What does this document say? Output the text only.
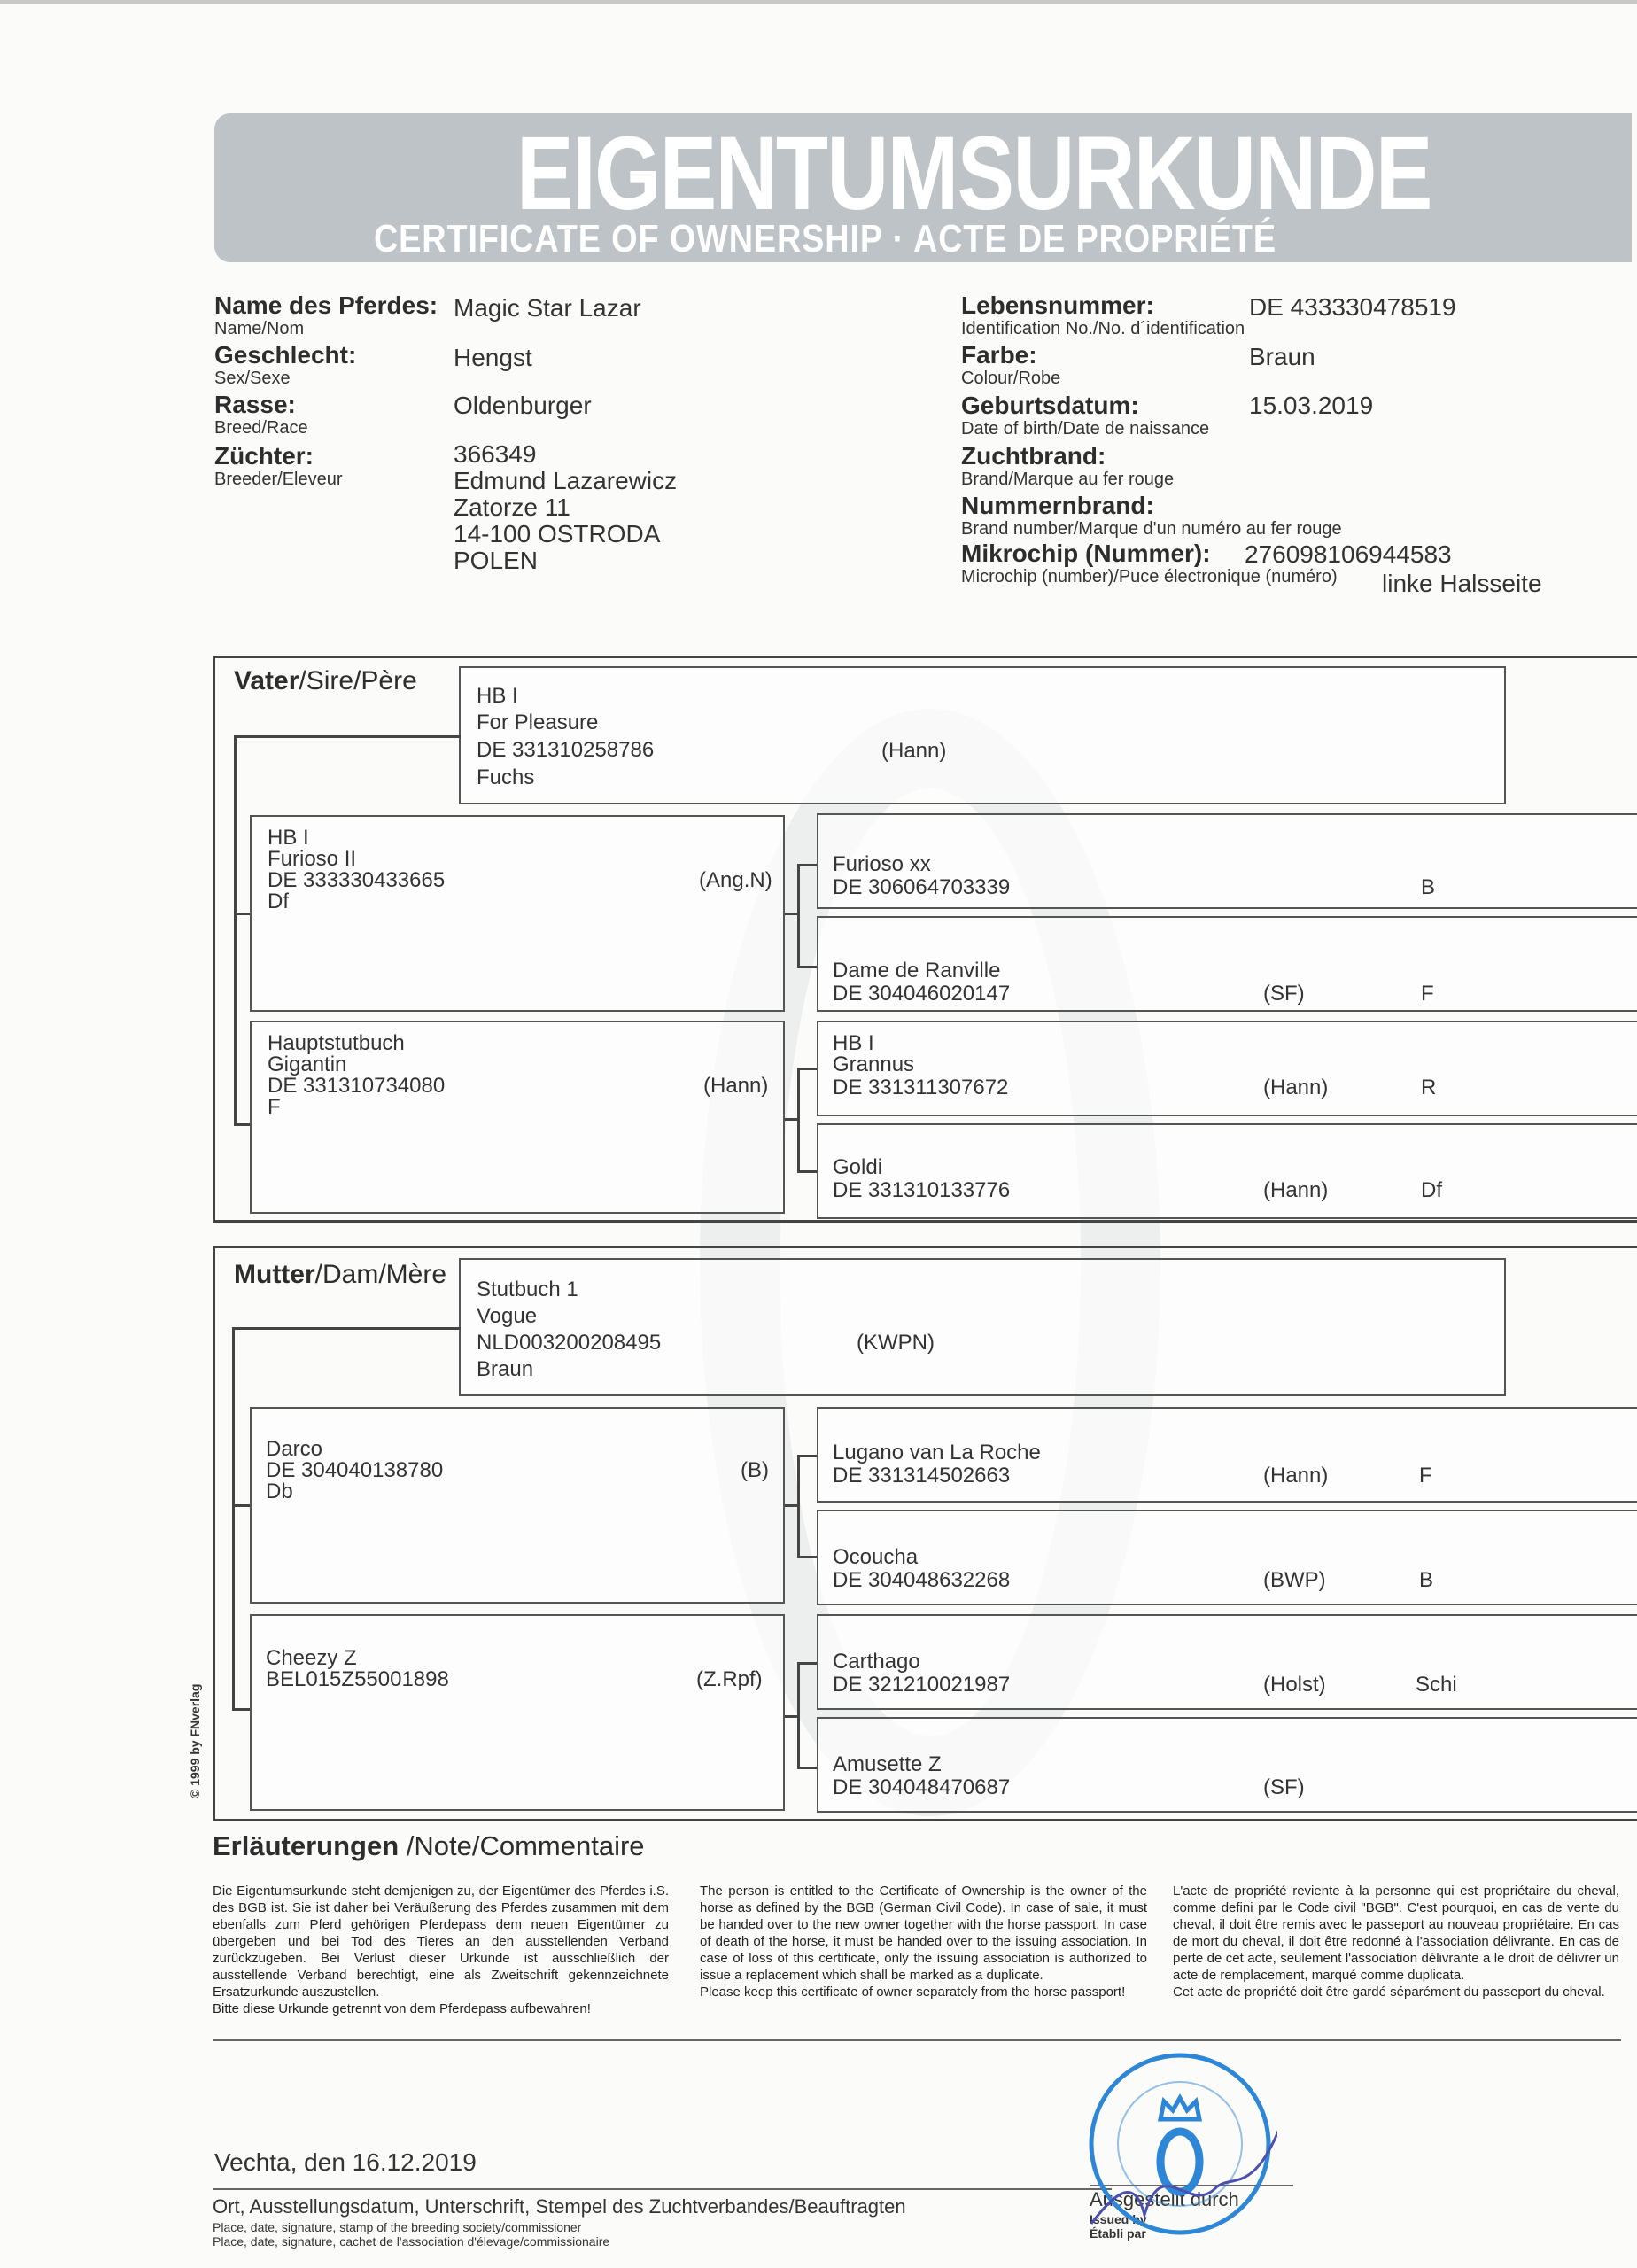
EIGENTUMSURKUNDE
CERTIFICATE OF OWNERSHIP · ACTE DE PROPRIÉTÉ
Name des Pferdes:
Name/Nom
Magic Star Lazar
Geschlecht:
Sex/Sexe
Hengst
Rasse:
Breed/Race
Oldenburger
Züchter:
Breeder/Eleveur
366349
Edmund Lazarewicz
Zatorze 11
14-100 OSTRODA
POLEN
Lebensnummer:
Identification No./No. d´identification
DE 433330478519
Farbe:
Colour/Robe
Braun
Geburtsdatum:
Date of birth/Date de naissance
15.03.2019
Zuchtbrand:
Brand/Marque au fer rouge
Nummernbrand:
Brand number/Marque d'un numéro au fer rouge
Mikrochip (Nummer):
Microchip (number)/Puce électronique (numéro)
276098106944583
linke Halsseite
Vater/Sire/Père
HB I
For Pleasure
DE 331310258786
Fuchs
(Hann)
HB I
Furioso II
DE 333330433665
Df
(Ang.N)
Hauptstutbuch
Gigantin
DE 331310734080
F
(Hann)
Furioso xx
DE 306064703339	B
Dame de Ranville
DE 304046020147	(SF)	F
HB I
Grannus
DE 331311307672	(Hann)	R
Goldi
DE 331310133776	(Hann)	Df
Mutter/Dam/Mère
Stutbuch 1
Vogue
NLD003200208495
Braun
(KWPN)
Darco
DE 304040138780
Db
(B)
Cheezy Z
BEL015Z55001898	(Z.Rpf)
Lugano van La Roche
DE 331314502663	(Hann)	F
Ocoucha
DE 304048632268	(BWP)	B
Carthago
DE 321210021987	(Holst)	Schi
Amusette Z
DE 304048470687	(SF)
© 1999 by FNverlag
Erläuterungen /Note/Commentaire
Die Eigentumsurkunde steht demjenigen zu, der Eigentümer des Pferdes i.S. des BGB ist. Sie ist daher bei Veräußerung des Pferdes zusammen mit dem ebenfalls zum Pferd gehörigen Pferdepass dem neuen Eigentümer zu übergeben und bei Tod des Tieres an den ausstellenden Verband zurückzugeben. Bei Verlust dieser Urkunde ist ausschließlich der ausstellende Verband berechtigt, eine als Zweitschrift gekennzeichnete Ersatzurkunde auszustellen.
Bitte diese Urkunde getrennt von dem Pferdepass aufbewahren!
The person is entitled to the Certificate of Ownership is the owner of the horse as defined by the BGB (German Civil Code). In case of sale, it must be handed over to the new owner together with the horse passport. In case of death of the horse, it must be handed over to the issuing association. In case of loss of this certificate, only the issuing association is authorized to issue a replacement which shall be marked as a duplicate.
Please keep this certificate of owner separately from the horse passport!
L'acte de propriété reviente à la personne qui est propriétaire du cheval, comme defini par le Code civil "BGB". C'est pourquoi, en cas de vente du cheval, il doit être remis avec le passeport au nouveau propriétaire. En cas de mort du cheval, il doit être redonné à l'association délivrante. En cas de perte de cet acte, seulement l'association délivrante a le droit de délivrer un acte de remplacement, marqué comme duplicata.
Cet acte de propriété doit être gardé séparément du passeport du cheval.
Vechta, den 16.12.2019
Ort, Ausstellungsdatum, Unterschrift, Stempel des Zuchtverbandes/Beauftragten
Place, date, signature, stamp of the breeding society/commissioner
Place, date, signature, cachet de l'association d'élevage/commissionaire
Ausgestellt durch
Issued by
Établi par
